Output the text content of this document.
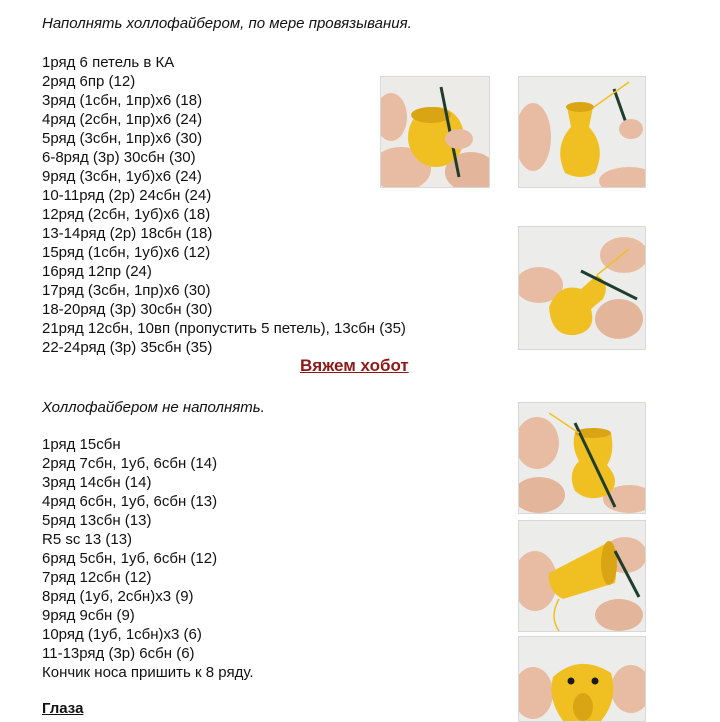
Наполнять холлофайбером, по мере провязывания.
1ряд 6 петель в КА
2ряд 6пр (12)
3ряд (1сбн, 1пр)х6 (18)
4ряд (2сбн, 1пр)х6 (24)
5ряд (3сбн, 1пр)х6 (30)
6-8ряд (3р) 30сбн (30)
9ряд (3сбн, 1уб)х6 (24)
10-11ряд (2р) 24сбн (24)
12ряд (2сбн, 1уб)х6 (18)
13-14ряд (2р) 18сбн (18)
15ряд (1сбн, 1уб)х6 (12)
16ряд 12пр (24)
17ряд (3сбн, 1пр)х6 (30)
18-20ряд (3р) 30сбн (30)
21ряд 12сбн, 10вп (пропустить 5 петель), 13сбн (35)
22-24ряд (3р) 35сбн (35)
Вяжем хобот
Холлофайбером не наполнять.
1ряд 15сбн
2ряд 7сбн, 1уб, 6сбн (14)
3ряд 14сбн (14)
4ряд 6сбн, 1уб, 6сбн (13)
5ряд 13сбн (13)
R5 sc 13 (13)
6ряд 5сбн, 1уб, 6сбн (12)
7ряд 12сбн (12)
8ряд (1уб, 2сбн)х3 (9)
9ряд 9сбн (9)
10ряд (1уб, 1сбн)х3 (6)
11-13ряд (3р) 6сбн (6)
Кончик носа пришить к 8 ряду.
Глаза
